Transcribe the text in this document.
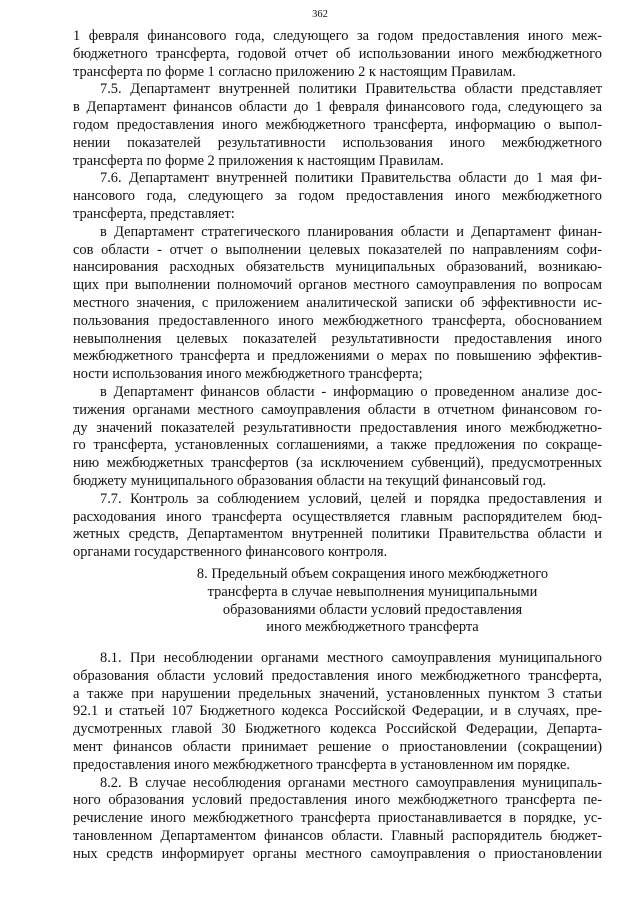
362
1 февраля финансового года, следующего за годом предоставления иного меж-
бюджетного трансферта, годовой отчет об использовании иного межбюджетного
трансферта по форме 1 согласно приложению 2 к настоящим Правилам.
7.5. Департамент внутренней политики Правительства области представляет
в Департамент финансов области до 1 февраля финансового года, следующего за
годом предоставления иного межбюджетного трансферта, информацию о выпол-
нении показателей результативности использования иного межбюджетного
трансферта по форме 2 приложения к настоящим Правилам.
7.6. Департамент внутренней политики Правительства области до 1 мая фи-
нансового года, следующего за годом предоставления иного межбюджетного
трансферта, представляет:
в Департамент стратегического планирования области и Департамент финан-
сов области - отчет о выполнении целевых показателей по направлениям софи-
нансирования расходных обязательств муниципальных образований, возникаю-
щих при выполнении полномочий органов местного самоуправления по вопросам
местного значения, с приложением аналитической записки об эффективности ис-
пользования предоставленного иного межбюджетного трансферта, обоснованием
невыполнения целевых показателей результативности предоставления иного
межбюджетного трансферта и предложениями о мерах по повышению эффектив-
ности использования иного межбюджетного трансферта;
в Департамент финансов области - информацию о проведенном анализе дос-
тижения органами местного самоуправления области в отчетном финансовом го-
ду значений показателей результативности предоставления иного межбюджетно-
го трансферта, установленных соглашениями, а также предложения по сокраще-
нию межбюджетных трансфертов (за исключением субвенций), предусмотренных
бюджету муниципального образования области на текущий финансовый год.
7.7. Контроль за соблюдением условий, целей и порядка предоставления и
расходования иного трансферта осуществляется главным распорядителем бюд-
жетных средств, Департаментом внутренней политики Правительства области и
органами государственного финансового контроля.
8. Предельный объем сокращения иного межбюджетного
трансферта в случае невыполнения муниципальными
образованиями области условий предоставления
иного межбюджетного трансферта
8.1. При несоблюдении органами местного самоуправления муниципального
образования области условий предоставления иного межбюджетного трансферта,
а также при нарушении предельных значений, установленных пунктом 3 статьи
92.1 и статьей 107 Бюджетного кодекса Российской Федерации, и в случаях, пре-
дусмотренных главой 30 Бюджетного кодекса Российской Федерации, Департа-
мент финансов области принимает решение о приостановлении (сокращении)
предоставления иного межбюджетного трансферта в установленном им порядке.
8.2. В случае несоблюдения органами местного самоуправления муниципаль-
ного образования условий предоставления иного межбюджетного трансферта пе-
речисление иного межбюджетного трансферта приостанавливается в порядке, ус-
тановленном Департаментом финансов области. Главный распорядитель бюджет-
ных средств информирует органы местного самоуправления о приостановлении
